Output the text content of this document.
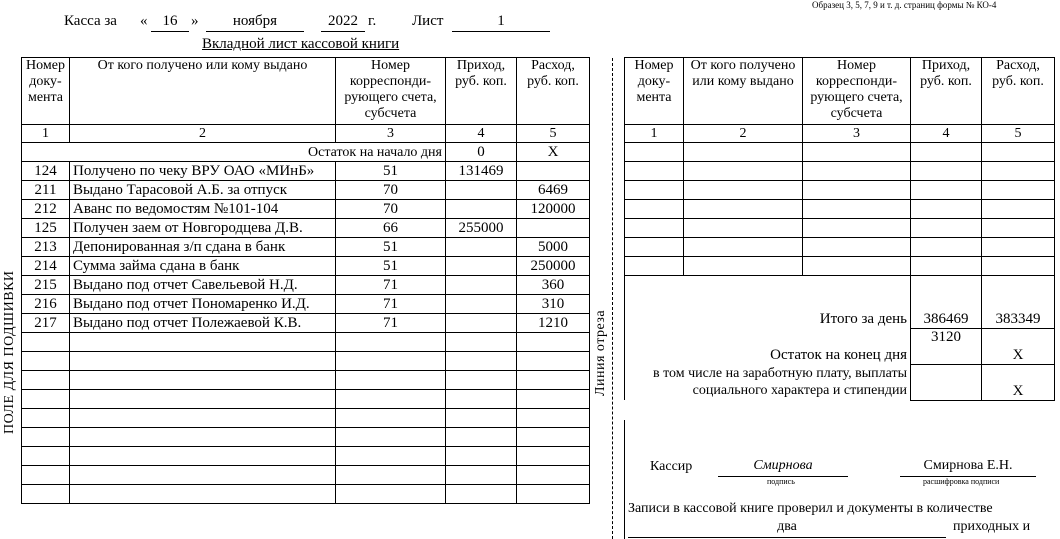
Образец 3, 5, 7, 9 и т. д. страниц формы № КО-4
Касса за «	16 »	ноября	2022 г. Лист	1
Вкладной лист кассовой книги
ПОЛЕ ДЛЯ ПОДШИВКИ	Линия отреза
Номер доку-мента	От кого получено или кому выдано	Номер корреспонди-рующего счета, субсчета	Приход, руб. коп.	Расход, руб. коп.
1	2	3	4	5
Остаток на начало дня			0	X
124	Получено по чеку ВРУ ОАО «МИнБ»	51	131469	
211	Выдано Тарасовой А.Б. за отпуск	70		6469
212	Аванс по ведомостям №101-104	70		120000
125	Получен заем от Новгородцева Д.В.	66	255000	
213	Депонированная з/п сдана в банк	51		5000
214	Сумма займа сдана в банк	51		250000
215	Выдано под отчет Савельевой Н.Д.	71		360
216	Выдано под отчет Пономаренко И.Д.	71		310
217	Выдано под отчет Полежаевой К.В.	71		1210

Номер доку-мента	От кого получено или кому выдано	Номер корреспонди-рующего счета, субсчета	Приход, руб. коп.	Расход, руб. коп.
1	2	3	4	5

Итого за день			386469	383349
Остаток на конец дня			3120	X

в том числе на заработную плату, выплаты
социального характера и стипендии				X
Кассир	Смирнова
подпись
Смирнова Е.Н.
расшифровка подписи
Записи в кассовой книге проверил и документы в количестве
два	приходных и
